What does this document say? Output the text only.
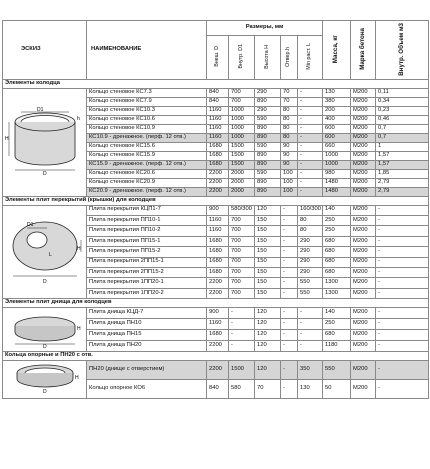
ЭСКИЗ	НАИМЕНОВАНИЕ	Размеры, мм					Масса, кг	Марка бетона	Внутр. Объем м3
		Внеш. D	Внутр. D1	Высота H	Отвер.h	Min раст. L			
Элементы колодца									

D1
D
H
h	Кольцо стеновое КС7.3	840	700	290	70	-	130	М200	0,11
	Кольцо стеновое КС7.9	840	700	890	70	-	380	М200	0,34
	Кольцо стеновое КС10.3	1160	1000	290	80	-	200	М200	0,23
	Кольцо стеновое КС10.6	1160	1000	590	80	-	400	М200	0,46
	Кольцо стеновое КС10.9	1160	1000	890	80	-	600	М200	0,7
	КС10.9 - дренажное. (перф. 12 отв.)	1160	1000	890	80	-	600	М200	0,7
	Кольцо стеновое КС15.6	1680	1500	590	90	-	660	М200	1
	Кольцо стеновое КС15.9	1680	1500	890	90	-	1000	М200	1,57
	КС15.9 - дренажное. (перф. 12 отв.)	1680	1500	890	90	-	1000	М200	1,57
	Кольцо стеновое КС20.6	2200	2000	590	100	-	980	М200	1,85
	Кольцо стеновое КС20.9	2200	2000	890	100	-	1480	М200	2,79
	КС20.9 - дренажное. (перф. 12 отв.)	2200	2000	890	100	-	1480	М200	2,79
Элементы плит перекрытий (крышки) для колодцев									

D1
D
H
L	Плита перекрытия КЦП1-7	900	580/300	120	-	160/300	140	М200	-
	Плита перекрытия ПП10-1	1160	700	150	-	80	250	М200	-
	Плита перекрытия ПП10-2	1160	700	150	-	80	250	М200	-
	Плита перекрытия ПП15-1	1680	700	150	-	290	680	М200	-
	Плита перекрытия ПП15-2	1680	700	150	-	290	680	М200	-
	Плита перекрытия 2ПП15-1	1680	700	150	-	290	680	М200	-
	Плита перекрытия 2ПП15-2	1680	700	150	-	290	680	М200	-
	Плита перекрытия 1ПП20-1	2200	700	150	-	550	1300	М200	-
	Плита перекрытия 1ПП20-2	2200	700	150	-	550	1300	М200	-
Элементы плит днища для колодцев									

D
H	Плита днища КЦД-7	900	-	120	-	-	140	М200	-
	Плита днища ПН10	1160	-	120	-	-	250	М200	-
	Плита днища ПН15	1680	-	120	-	-	680	М200	-
	Плита днища ПН20	2200	-	120	-	-	1180	М200	-
Кольца опорные и ПН20 с отв.									

D
H	ПН20 (днище с отверстием)	2200	1500	120	-	350	550	М200	-
	Кольцо опорное КО6	840	580	70	-	130	50	М200	-
